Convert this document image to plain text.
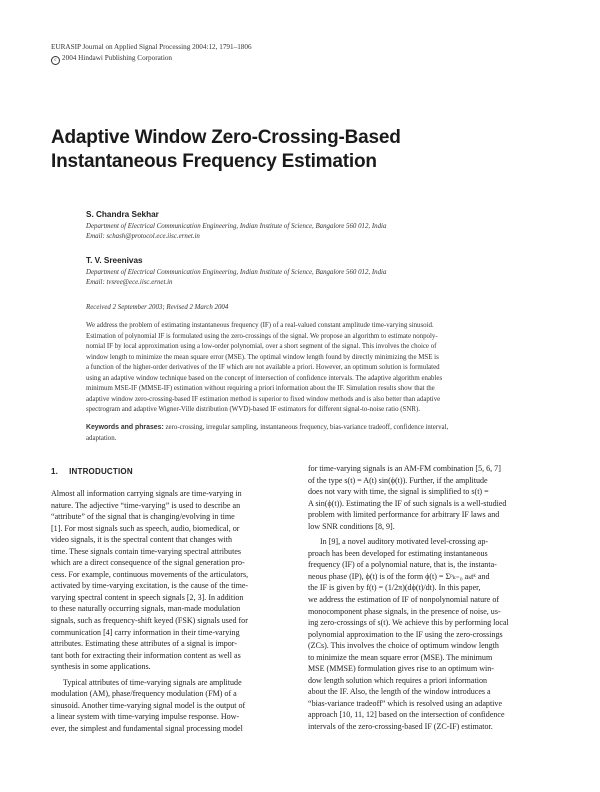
EURASIP Journal on Applied Signal Processing 2004:12, 1791–1806
c 2004 Hindawi Publishing Corporation
Adaptive Window Zero-Crossing-Based
Instantaneous Frequency Estimation
S. Chandra Sekhar
Department of Electrical Communication Engineering, Indian Institute of Science, Bangalore 560 012, India
Email: schash@protocol.ece.iisc.ernet.in
T. V. Sreenivas
Department of Electrical Communication Engineering, Indian Institute of Science, Bangalore 560 012, India
Email: tvsree@ece.iisc.ernet.in
Received 2 September 2003; Revised 2 March 2004
We address the problem of estimating instantaneous frequency (IF) of a real-valued constant amplitude time-varying sinusoid.
Estimation of polynomial IF is formulated using the zero-crossings of the signal. We propose an algorithm to estimate nonpoly-
nomial IF by local approximation using a low-order polynomial, over a short segment of the signal. This involves the choice of
window length to minimize the mean square error (MSE). The optimal window length found by directly minimizing the MSE is
a function of the higher-order derivatives of the IF which are not available a priori. However, an optimum solution is formulated
using an adaptive window technique based on the concept of intersection of confidence intervals. The adaptive algorithm enables
minimum MSE-IF (MMSE-IF) estimation without requiring a priori information about the IF. Simulation results show that the
adaptive window zero-crossing-based IF estimation method is superior to fixed window methods and is also better than adaptive
spectrogram and adaptive Wigner-Ville distribution (WVD)-based IF estimators for different signal-to-noise ratio (SNR).
Keywords and phrases: zero-crossing, irregular sampling, instantaneous frequency, bias-variance tradeoff, confidence interval,
adaptation.
1. INTRODUCTION

Almost all information carrying signals are time-varying in

nature. The adjective “time-varying” is used to describe an

“attribute” of the signal that is changing/evolving in time

[1]. For most signals such as speech, audio, biomedical, or

video signals, it is the spectral content that changes with

time. These signals contain time-varying spectral attributes

which are a direct consequence of the signal generation pro-

cess. For example, continuous movements of the articulators,

activated by time-varying excitation, is the cause of the time-

varying spectral content in speech signals [2, 3]. In addition

to these naturally occurring signals, man-made modulation

signals, such as frequency-shift keyed (FSK) signals used for

communication [4] carry information in their time-varying

attributes. Estimating these attributes of a signal is impor-

tant both for extracting their information content as well as

synthesis in some applications.

Typical attributes of time-varying signals are amplitude

modulation (AM), phase/frequency modulation (FM) of a

sinusoid. Another time-varying signal model is the output of

a linear system with time-varying impulse response. How-

ever, the simplest and fundamental signal processing model

for time-varying signals is an AM-FM combination [5, 6, 7]

of the type s(t) = A(t) sin(ϕ(t)). Further, if the amplitude

does not vary with time, the signal is simplified to s(t) =

A sin(ϕ(t)). Estimating the IF of such signals is a well-studied

problem with limited performance for arbitrary IF laws and

low SNR conditions [8, 9].

In [9], a novel auditory motivated level-crossing ap-

proach has been developed for estimating instantaneous

frequency (IF) of a polynomial nature, that is, the instanta-

neous phase (IP), ϕ(t) is of the form ϕ(t) = Σᵖₖ₌₀ aₖtᵏ and

the IF is given by f(t) = (1/2π)(dϕ(t)/dt). In this paper,

we address the estimation of IF of nonpolynomial nature of

monocomponent phase signals, in the presence of noise, us-

ing zero-crossings of s(t). We achieve this by performing local

polynomial approximation to the IF using the zero-crossings

(ZCs). This involves the choice of optimum window length

to minimize the mean square error (MSE). The minimum

MSE (MMSE) formulation gives rise to an optimum win-

dow length solution which requires a priori information

about the IF. Also, the length of the window introduces a

“bias-variance tradeoff” which is resolved using an adaptive

approach [10, 11, 12] based on the intersection of confidence

intervals of the zero-crossing-based IF (ZC-IF) estimator.
